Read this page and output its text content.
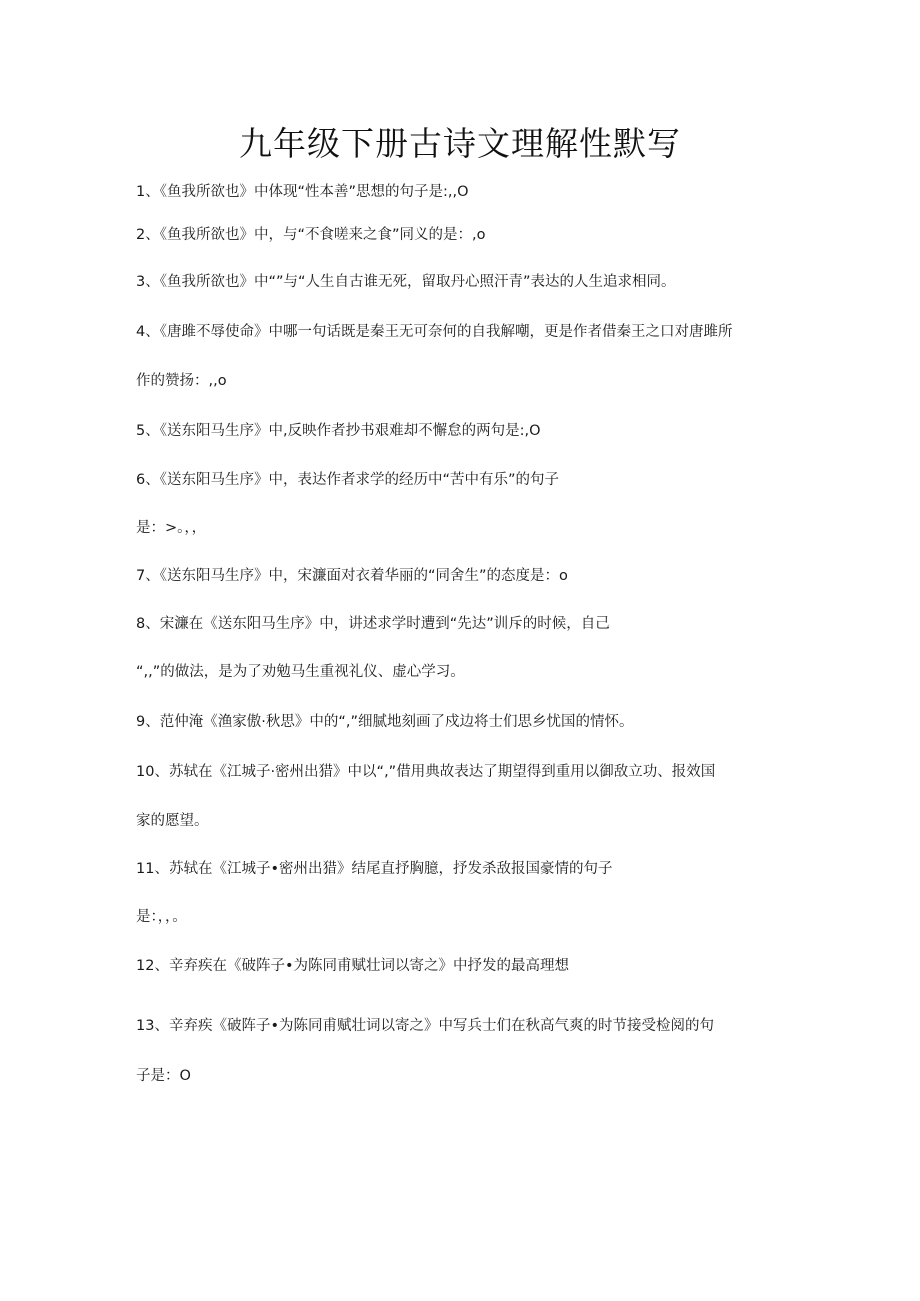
九年级下册古诗文理解性默写
1、《鱼我所欲也》中体现“性本善”思想的句子是:,,O
2、《鱼我所欲也》中，与“不食嗟来之食”同义的是：,o
3、《鱼我所欲也》中“”与“人生自古谁无死，留取丹心照汗青”表达的人生追求相同。
4、《唐雎不辱使命》中哪一句话既是秦王无可奈何的自我解嘲，更是作者借秦王之口对唐雎所
作的赞扬：,,o
5、《送东阳马生序》中,反映作者抄书艰难却不懈怠的两句是:,O
6、《送东阳马生序》中，表达作者求学的经历中“苦中有乐”的句子
是：>。，，
7、《送东阳马生序》中，宋濂面对衣着华丽的“同舍生”的态度是：o
8、宋濂在《送东阳马生序》中，讲述求学时遭到“先达”训斥的时候，自己
“,,”的做法，是为了劝勉马生重视礼仪、虚心学习。
9、范仲淹《渔家傲·秋思》中的“,”细腻地刻画了戍边将士们思乡忧国的情怀。
10、苏轼在《江城子·密州出猎》中以“,”借用典故表达了期望得到重用以御敌立功、报效国
家的愿望。
11、苏轼在《江城子•密州出猎》结尾直抒胸臆，抒发杀敌报国豪情的句子
是：，，。
12、辛弃疾在《破阵子•为陈同甫赋壮词以寄之》中抒发的最高理想
13、辛弃疾《破阵子•为陈同甫赋壮词以寄之》中写兵士们在秋高气爽的时节接受检阅的句
子是：O
